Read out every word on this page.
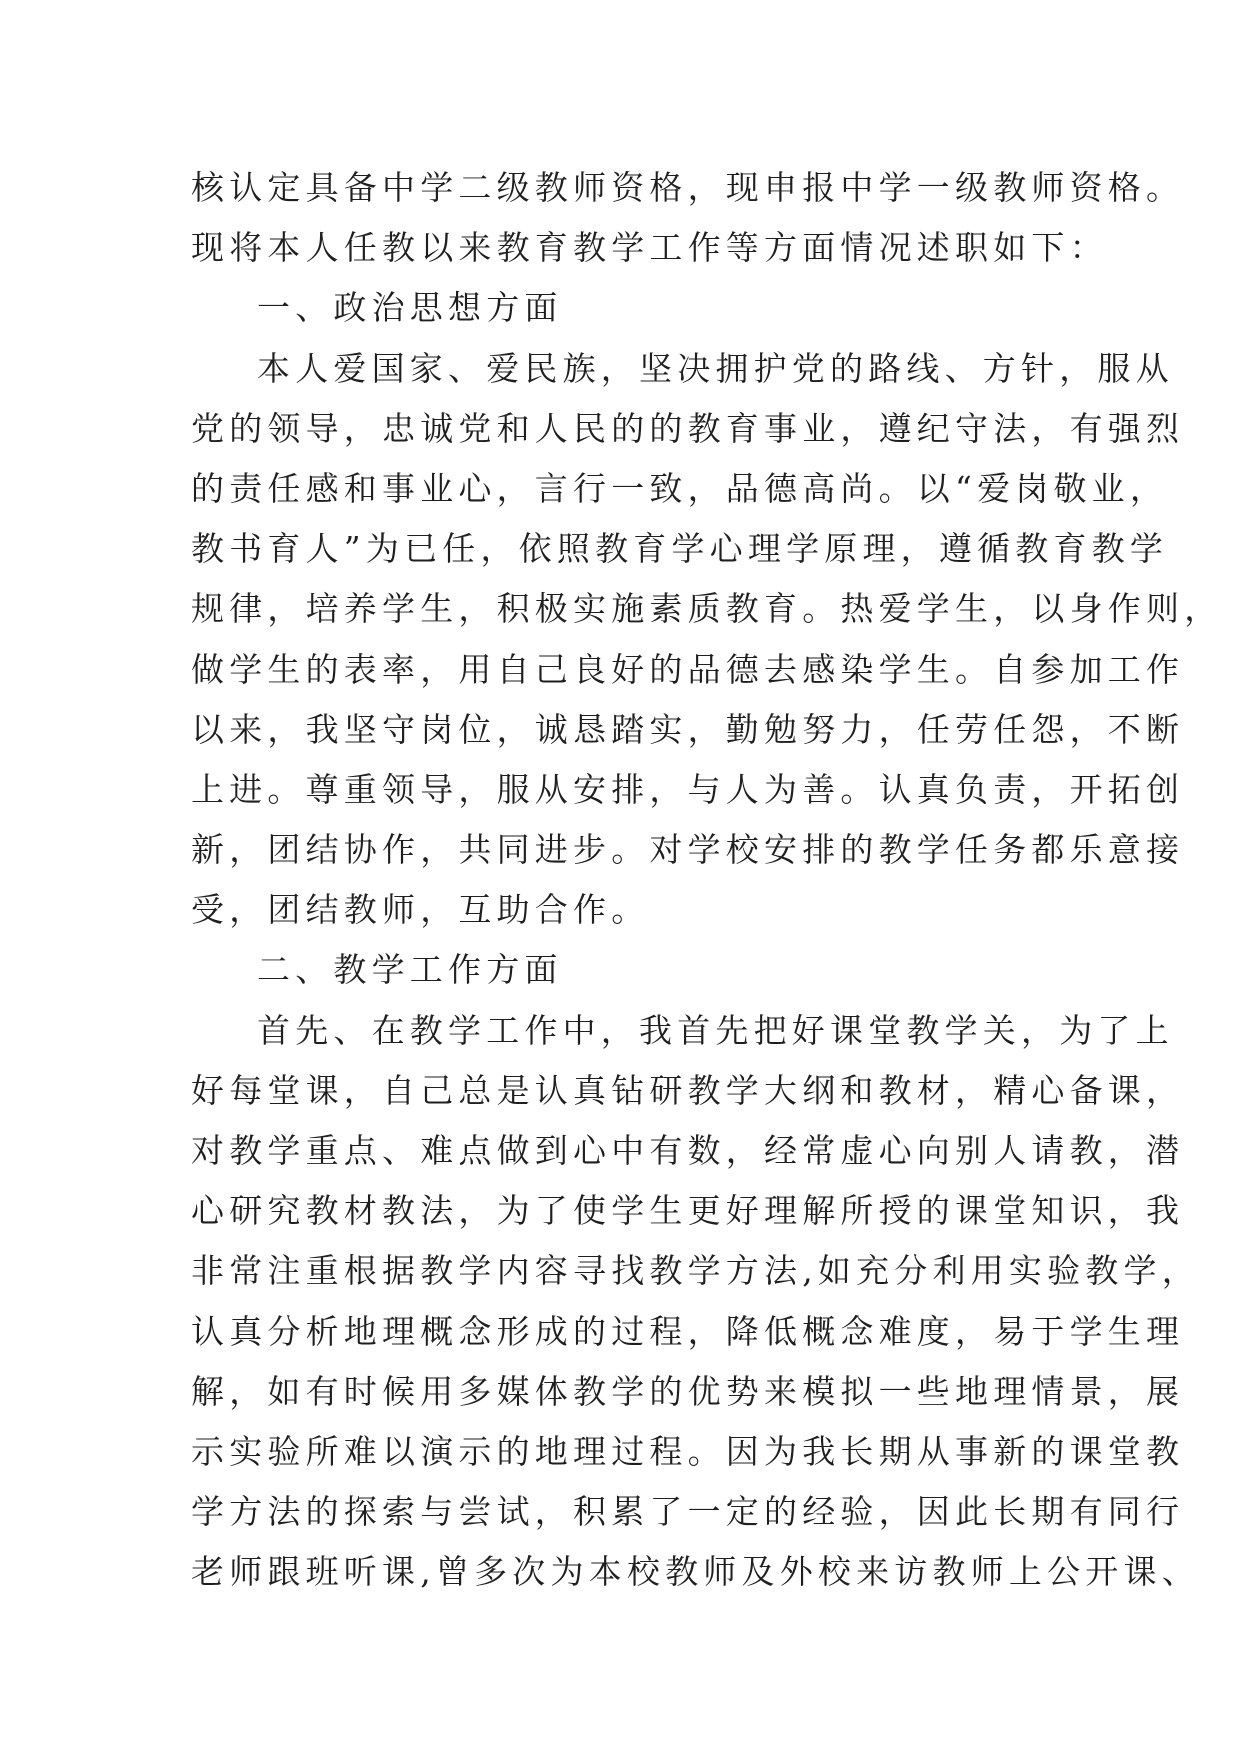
核认定具备中学二级教师资格，现申报中学一级教师资格。
现将本人任教以来教育教学工作等方面情况述职如下：
一、政治思想方面
本人爱国家、爱民族，坚决拥护党的路线、方针，服从
党的领导，忠诚党和人民的的教育事业，遵纪守法，有强烈
的责任感和事业心，言行一致，品德高尚。以“爱岗敬业，
教书育人”为已任，依照教育学心理学原理，遵循教育教学
规律，培养学生，积极实施素质教育。热爱学生，以身作则，
做学生的表率，用自己良好的品德去感染学生。自参加工作
以来，我坚守岗位，诚恳踏实，勤勉努力，任劳任怨，不断
上进。尊重领导，服从安排，与人为善。认真负责，开拓创
新，团结协作，共同进步。对学校安排的教学任务都乐意接
受，团结教师，互助合作。
二、教学工作方面
首先、在教学工作中，我首先把好课堂教学关，为了上
好每堂课，自己总是认真钻研教学大纲和教材，精心备课，
对教学重点、难点做到心中有数，经常虚心向别人请教，潜
心研究教材教法，为了使学生更好理解所授的课堂知识，我
非常注重根据教学内容寻找教学方法,如充分利用实验教学，
认真分析地理概念形成的过程，降低概念难度，易于学生理
解，如有时候用多媒体教学的优势来模拟一些地理情景，展
示实验所难以演示的地理过程。因为我长期从事新的课堂教
学方法的探索与尝试，积累了一定的经验，因此长期有同行
老师跟班听课,曾多次为本校教师及外校来访教师上公开课、
